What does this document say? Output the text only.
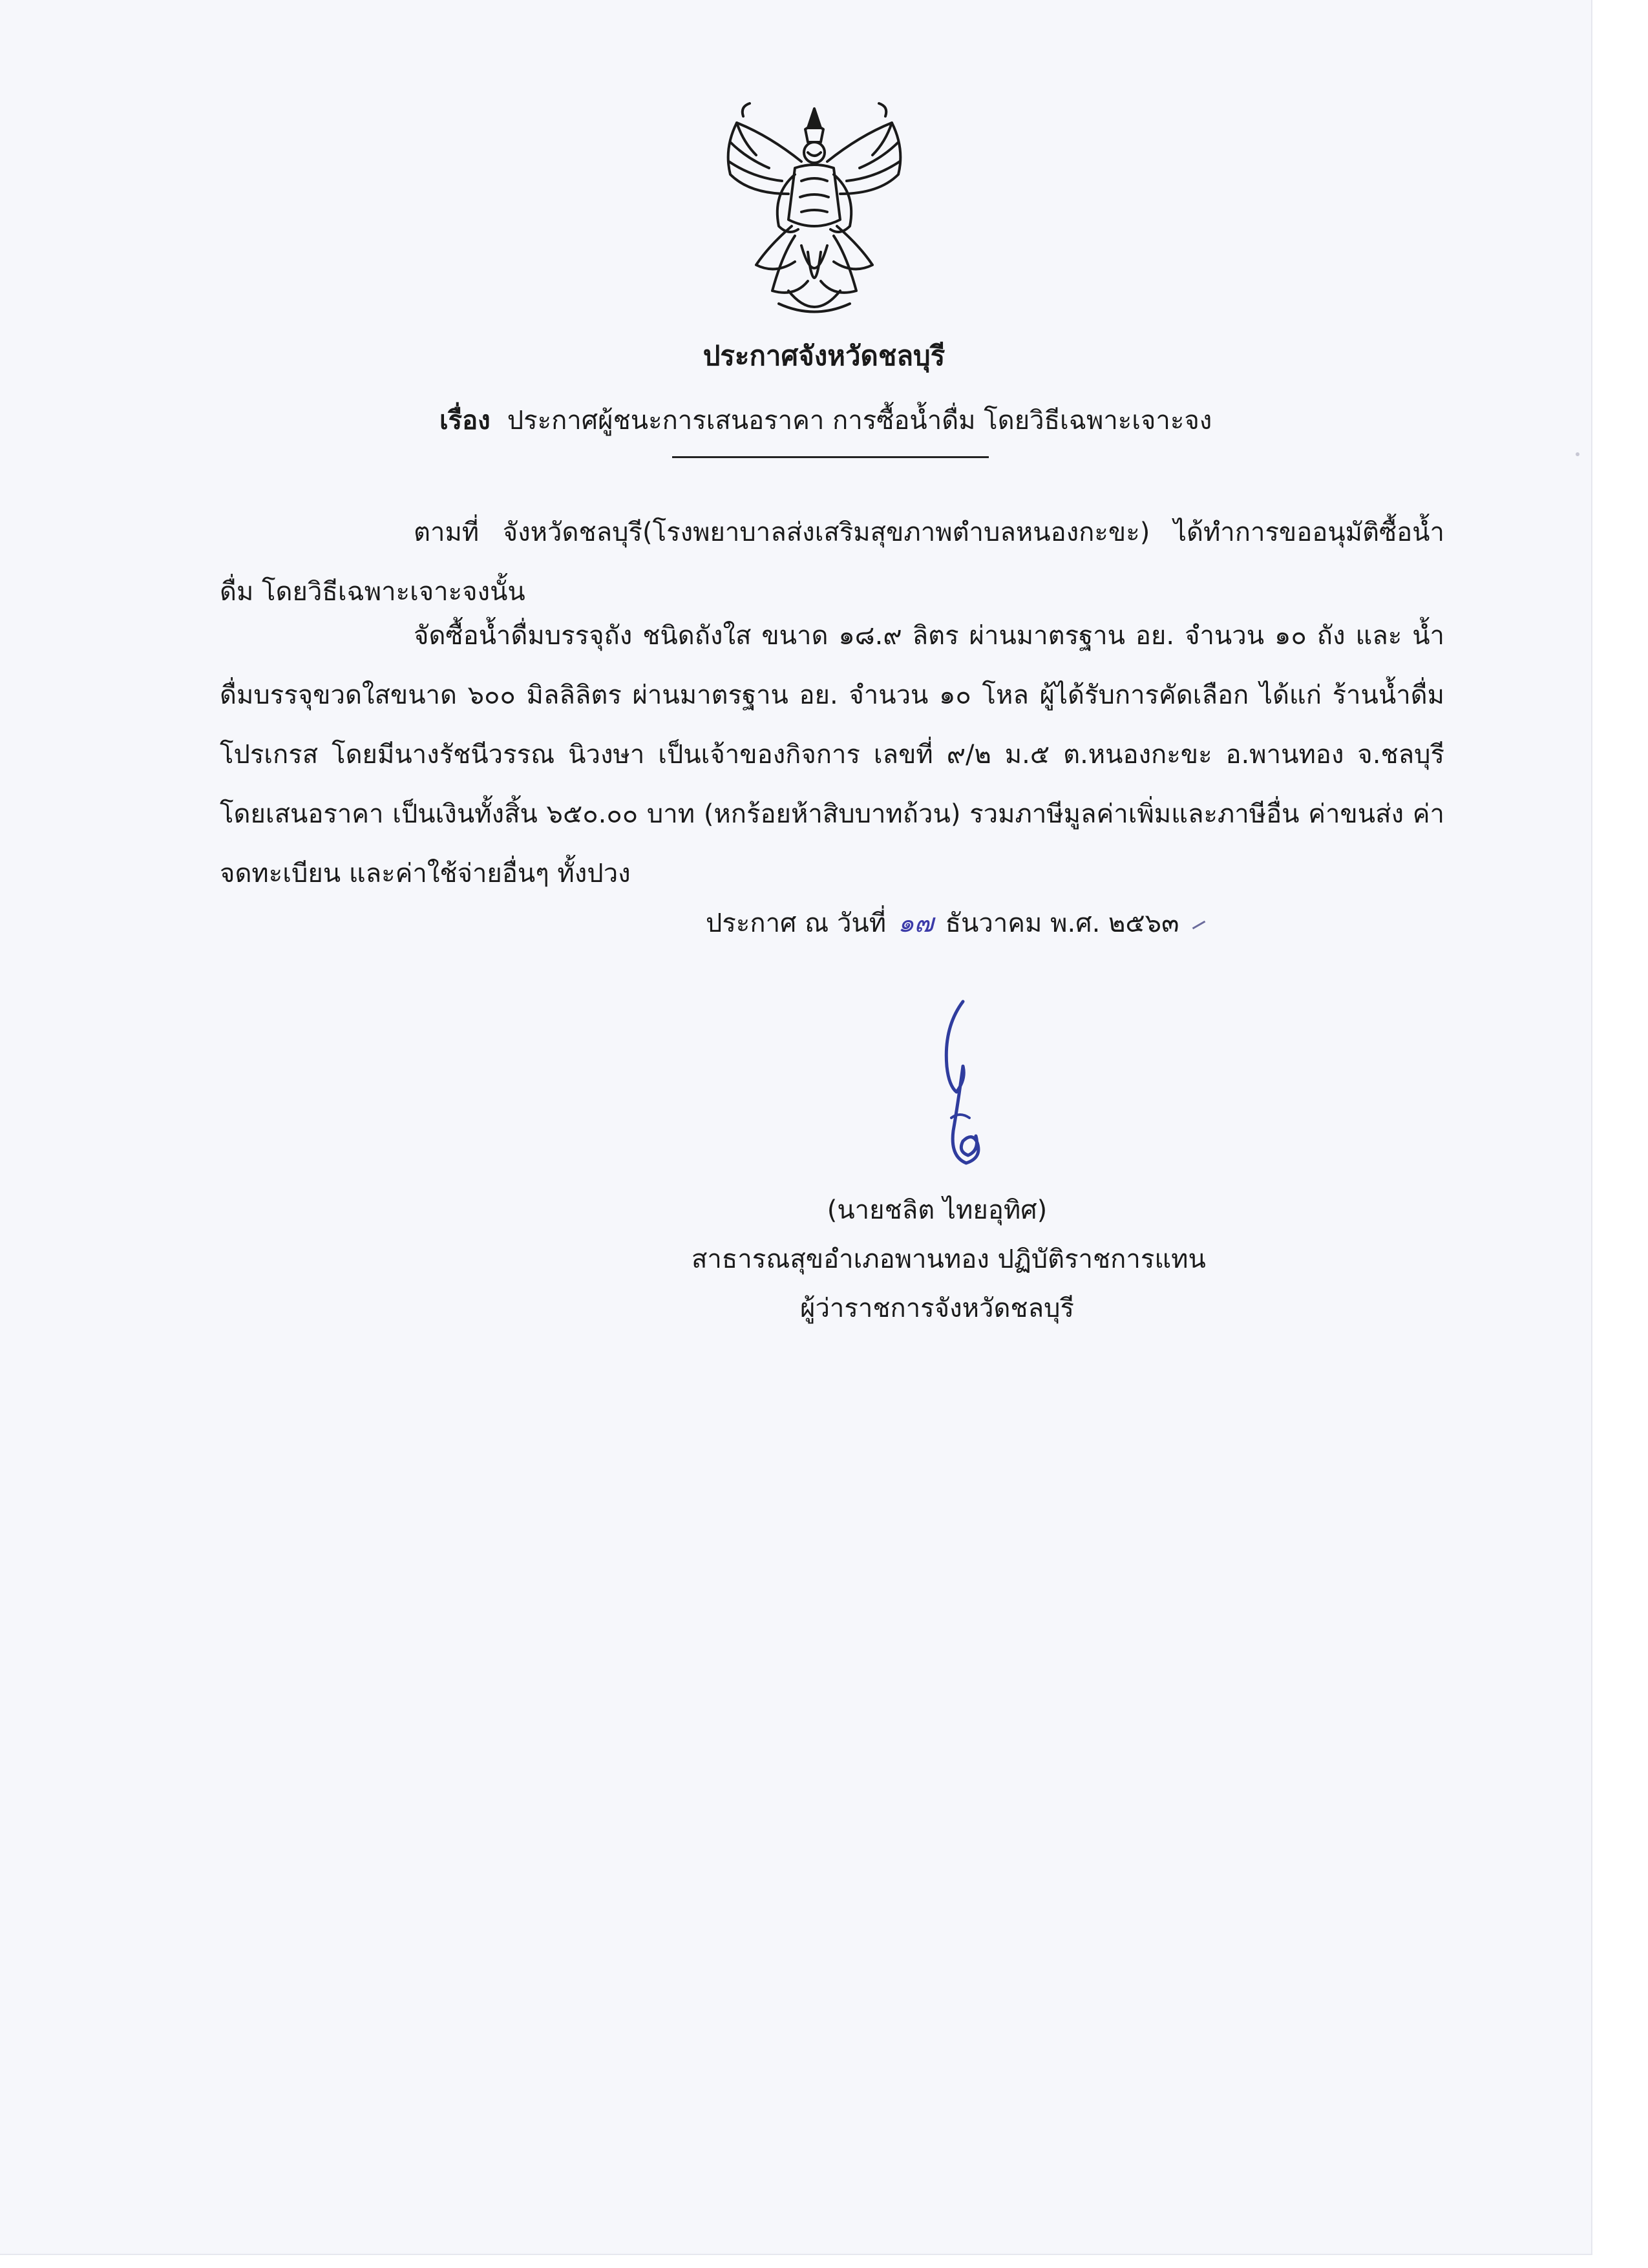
ประกาศจังหวัดชลบุรี
เรื่อง ประกาศผู้ชนะการเสนอราคา การซื้อน้ำดื่ม โดยวิธีเฉพาะเจาะจง

ตามที่ จังหวัดชลบุรี(โรงพยาบาลส่งเสริมสุขภาพตำบลหนองกะขะ) ได้ทำการขออนุมัติซื้อน้ำดื่ม โดยวิธีเฉพาะเจาะจงนั้น

จัดซื้อน้ำดื่มบรรจุถัง ชนิดถังใส ขนาด ๑๘.๙ ลิตร ผ่านมาตรฐาน อย. จำนวน ๑๐ ถัง และ น้ำดื่มบรรจุขวดใสขนาด ๖๐๐ มิลลิลิตร ผ่านมาตรฐาน อย. จำนวน ๑๐ โหล ผู้ได้รับการคัดเลือก ได้แก่ ร้านน้ำดื่มโปรเกรส โดยมีนางรัชนีวรรณ นิวงษา เป็นเจ้าของกิจการ เลขที่ ๙/๒ ม.๕ ต.หนองกะขะ อ.พานทอง จ.ชลบุรี โดยเสนอราคา เป็นเงินทั้งสิ้น ๖๕๐.๐๐ บาท (หกร้อยห้าสิบบาทถ้วน) รวมภาษีมูลค่าเพิ่มและภาษีอื่น ค่าขนส่ง ค่าจดทะเบียน และค่าใช้จ่ายอื่นๆ ทั้งปวง

ประกาศ ณ วันที่ ๑๗ ธันวาคม พ.ศ. ๒๕๖๓
(นายชลิต ไทยอุทิศ)
สาธารณสุขอำเภอพานทอง ปฏิบัติราชการแทน
ผู้ว่าราชการจังหวัดชลบุรี
